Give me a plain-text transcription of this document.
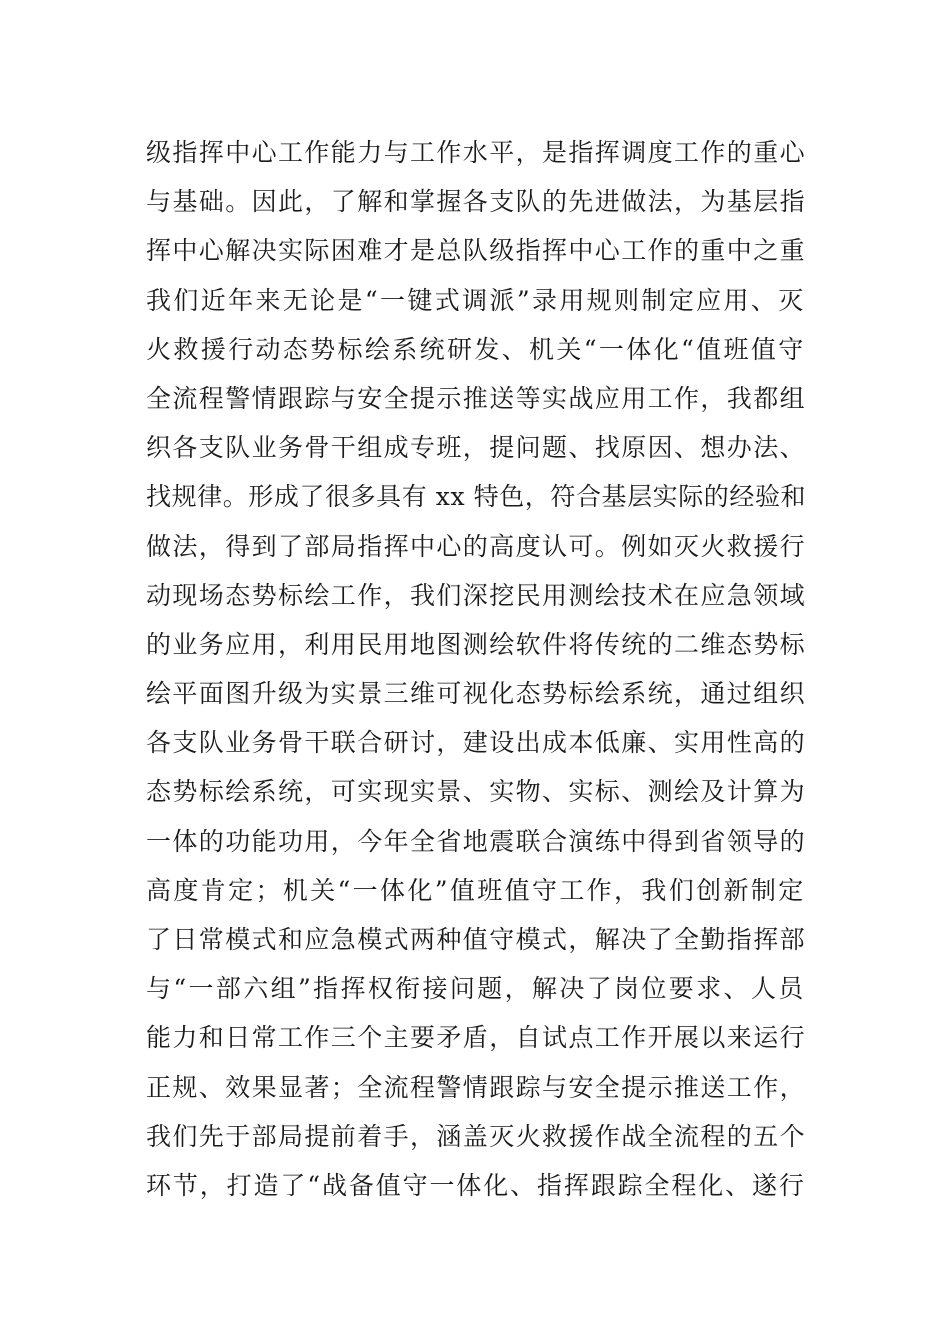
级指挥中心工作能力与工作水平，是指挥调度工作的重心
与基础。因此，了解和掌握各支队的先进做法，为基层指
挥中心解决实际困难才是总队级指挥中心工作的重中之重
我们近年来无论是“一键式调派”录用规则制定应用、灭
火救援行动态势标绘系统研发、机关“一体化“值班值守
全流程警情跟踪与安全提示推送等实战应用工作，我都组
织各支队业务骨干组成专班，提问题、找原因、想办法、
找规律。形成了很多具有 xx 特色，符合基层实际的经验和
做法，得到了部局指挥中心的高度认可。例如灭火救援行
动现场态势标绘工作，我们深挖民用测绘技术在应急领域
的业务应用，利用民用地图测绘软件将传统的二维态势标
绘平面图升级为实景三维可视化态势标绘系统，通过组织
各支队业务骨干联合研讨，建设出成本低廉、实用性高的
态势标绘系统，可实现实景、实物、实标、测绘及计算为
一体的功能功用，今年全省地震联合演练中得到省领导的
高度肯定；机关“一体化”值班值守工作，我们创新制定
了日常模式和应急模式两种值守模式，解决了全勤指挥部
与“一部六组”指挥权衔接问题，解决了岗位要求、人员
能力和日常工作三个主要矛盾，自试点工作开展以来运行
正规、效果显著；全流程警情跟踪与安全提示推送工作，
我们先于部局提前着手，涵盖灭火救援作战全流程的五个
环节，打造了“战备值守一体化、指挥跟踪全程化、遂行
